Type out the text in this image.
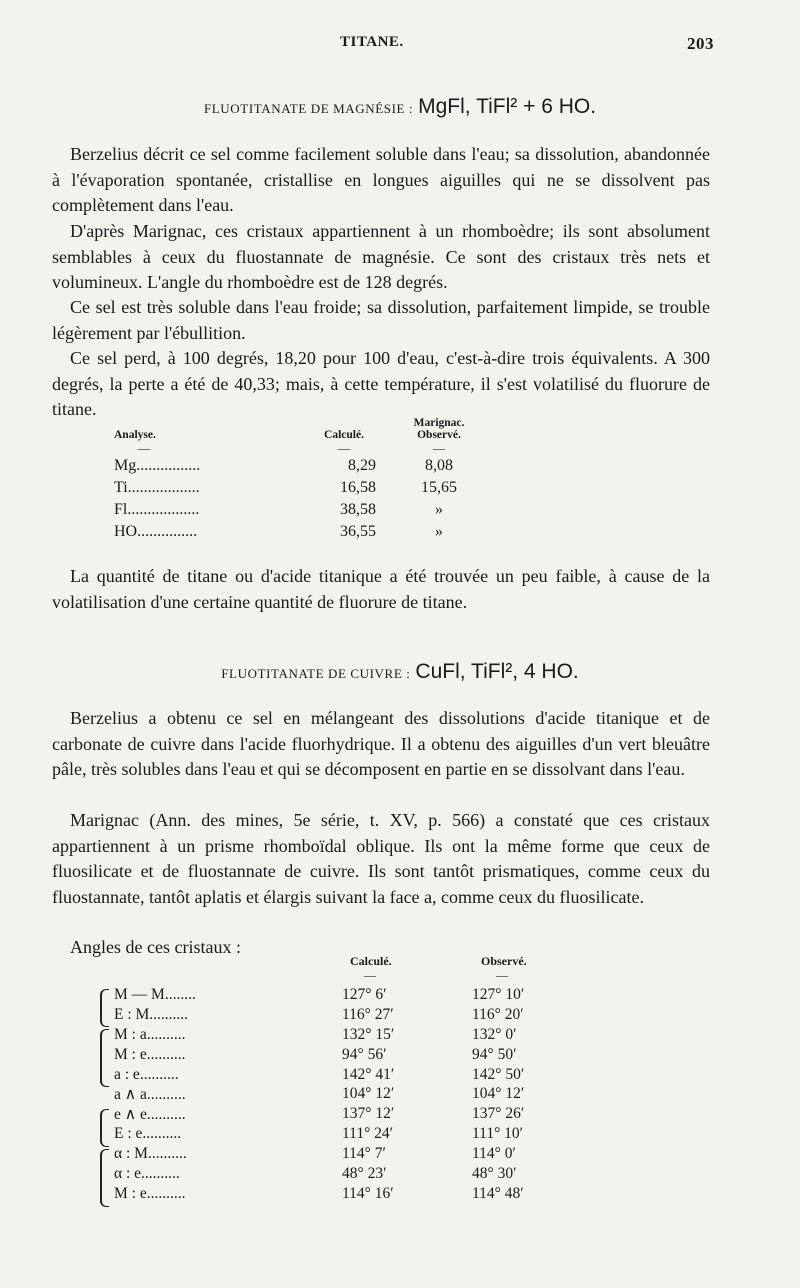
TITANE.	203
FLUOTITANATE DE MAGNÉSIE : MgFl, TiFl² + 6 HO.
Berzelius décrit ce sel comme facilement soluble dans l'eau; sa dissolution, abandonnée à l'évaporation spontanée, cristallise en longues aiguilles qui ne se dissolvent pas complètement dans l'eau.
D'après Marignac, ces cristaux appartiennent à un rhomboèdre; ils sont absolument semblables à ceux du fluostannate de magnésie. Ce sont des cristaux très nets et volumineux. L'angle du rhomboèdre est de 128 degrés.
Ce sel est très soluble dans l'eau froide; sa dissolution, parfaitement limpide, se trouble légèrement par l'ébullition.
Ce sel perd, à 100 degrés, 18,20 pour 100 d'eau, c'est-à-dire trois équivalents. A 300 degrés, la perte a été de 40,33; mais, à cette température, il s'est volatilisé du fluorure de titane.
Analyse.	Calculé.	Marignac.
Observé.

—	—	—
Mg................	8,29	8,08
Ti..................	16,58	15,65
Fl..................	38,58	»
HO...............	36,55	»
La quantité de titane ou d'acide titanique a été trouvée un peu faible, à cause de la volatilisation d'une certaine quantité de fluorure de titane.
FLUOTITANATE DE CUIVRE : CuFl, TiFl², 4 HO.
Berzelius a obtenu ce sel en mélangeant des dissolutions d'acide titanique et de carbonate de cuivre dans l'acide fluorhydrique. Il a obtenu des aiguilles d'un vert bleuâtre pâle, très solubles dans l'eau et qui se décomposent en partie en se dissolvant dans l'eau.
Marignac (Ann. des mines, 5e série, t. XV, p. 566) a constaté que ces cristaux appartiennent à un prisme rhomboïdal oblique. Ils ont la même forme que ceux de fluosilicate et de fluostannate de cuivre. Ils sont tantôt prismatiques, comme ceux du fluostannate, tantôt aplatis et élargis suivant la face a, comme ceux du fluosilicate.
Angles de ces cristaux :
Calculé.	Observé.
—	—
M — M........	127° 6′	127° 10′
E : M..........	116° 27′	116° 20′
M : a..........	132° 15′	132° 0′
M : e..........	94° 56′	94° 50′
a : e..........	142° 41′	142° 50′
a ∧ a..........	104° 12′	104° 12′
e ∧ e..........	137° 12′	137° 26′
E : e..........	111° 24′	111° 10′
α : M..........	114° 7′	114° 0′
α : e..........	48° 23′	48° 30′
M : e..........	114° 16′	114° 48′
